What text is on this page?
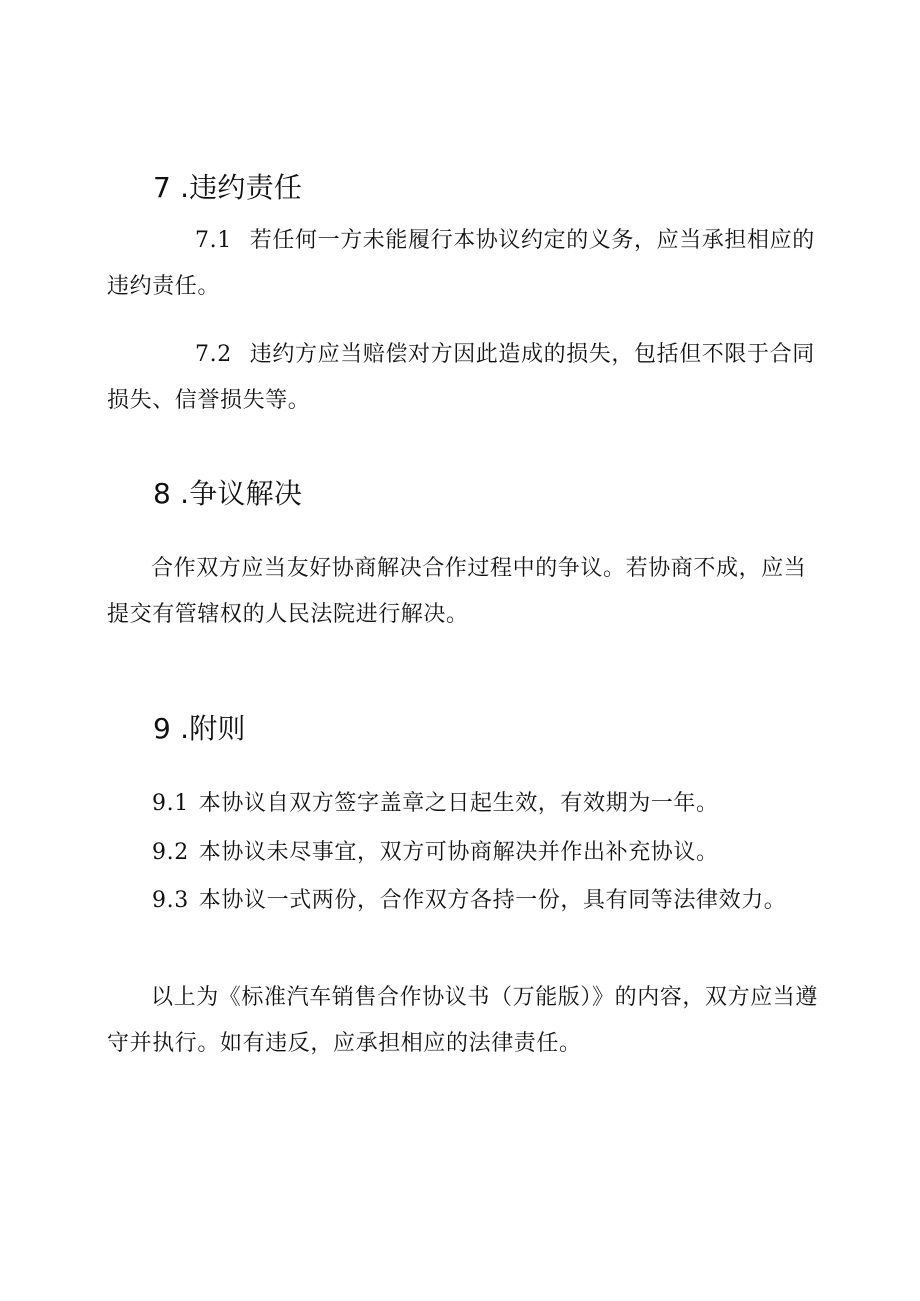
7 .违约责任
7.1 若任何一方未能履行本协议约定的义务，应当承担相应的违约责任。
7.2 违约方应当赔偿对方因此造成的损失，包括但不限于合同损失、信誉损失等。
8 .争议解决
合作双方应当友好协商解决合作过程中的争议。若协商不成，应当提交有管辖权的人民法院进行解决。
9 .附则
9.1 本协议自双方签字盖章之日起生效，有效期为一年。
9.2 本协议未尽事宜，双方可协商解决并作出补充协议。
9.3 本协议一式两份，合作双方各持一份，具有同等法律效力。
以上为《标准汽车销售合作协议书（万能版）》的内容，双方应当遵守并执行。如有违反，应承担相应的法律责任。
